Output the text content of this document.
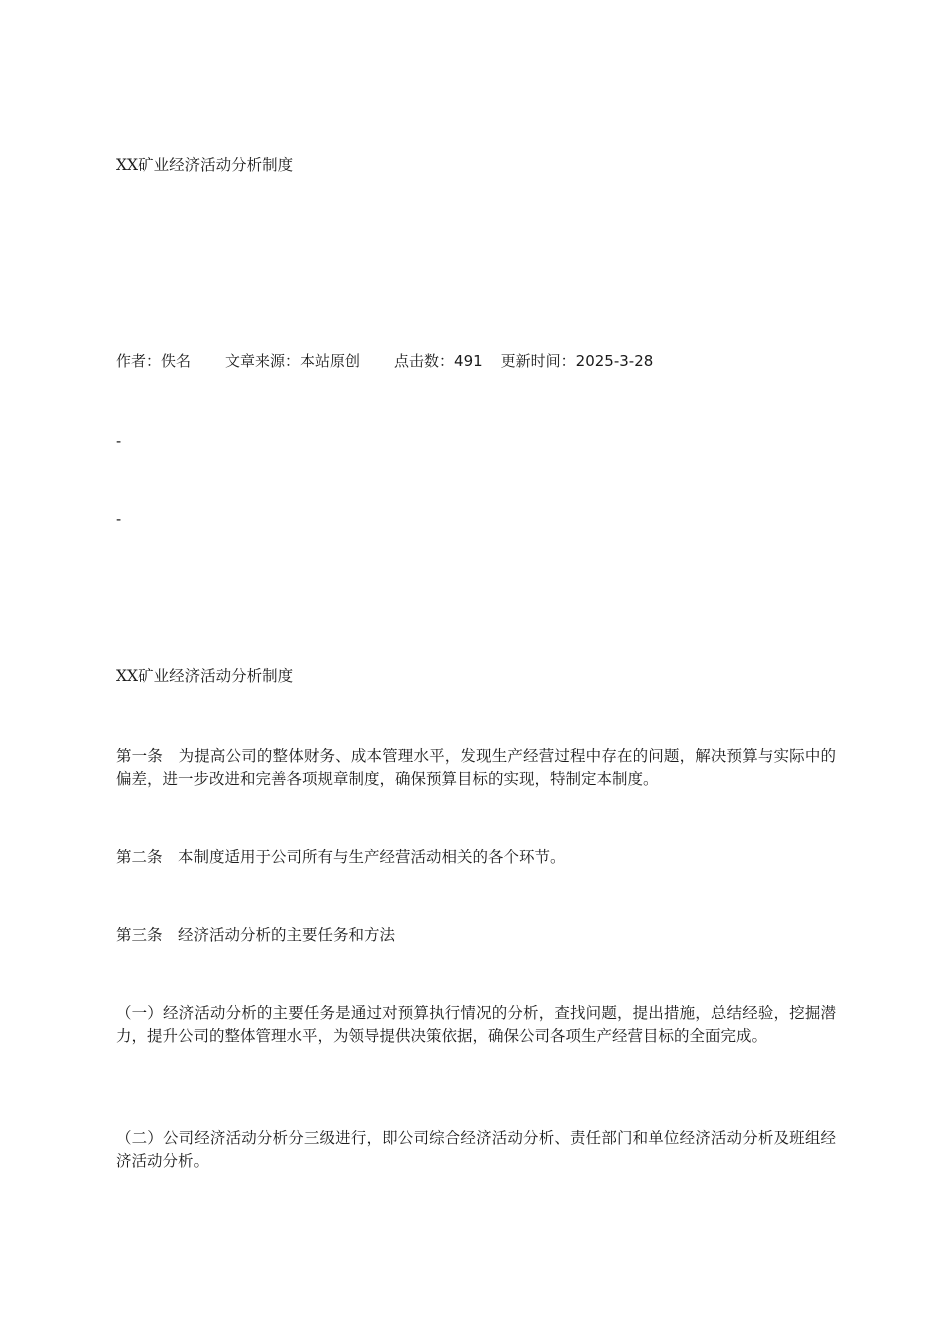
XX矿业经济活动分析制度
作者：佚名 文章来源：本站原创 点击数：491 更新时间：2025-3-28
-
-
XX矿业经济活动分析制度
第一条　为提高公司的整体财务、成本管理水平，发现生产经营过程中存在的问题，解决预算与实际中的偏差，进一步改进和完善各项规章制度，确保预算目标的实现，特制定本制度。
第二条　本制度适用于公司所有与生产经营活动相关的各个环节。
第三条　经济活动分析的主要任务和方法
（一）经济活动分析的主要任务是通过对预算执行情况的分析，查找问题，提出措施，总结经验，挖掘潜力，提升公司的整体管理水平，为领导提供决策依据，确保公司各项生产经营目标的全面完成。
（二）公司经济活动分析分三级进行，即公司综合经济活动分析、责任部门和单位经济活动分析及班组经济活动分析。
